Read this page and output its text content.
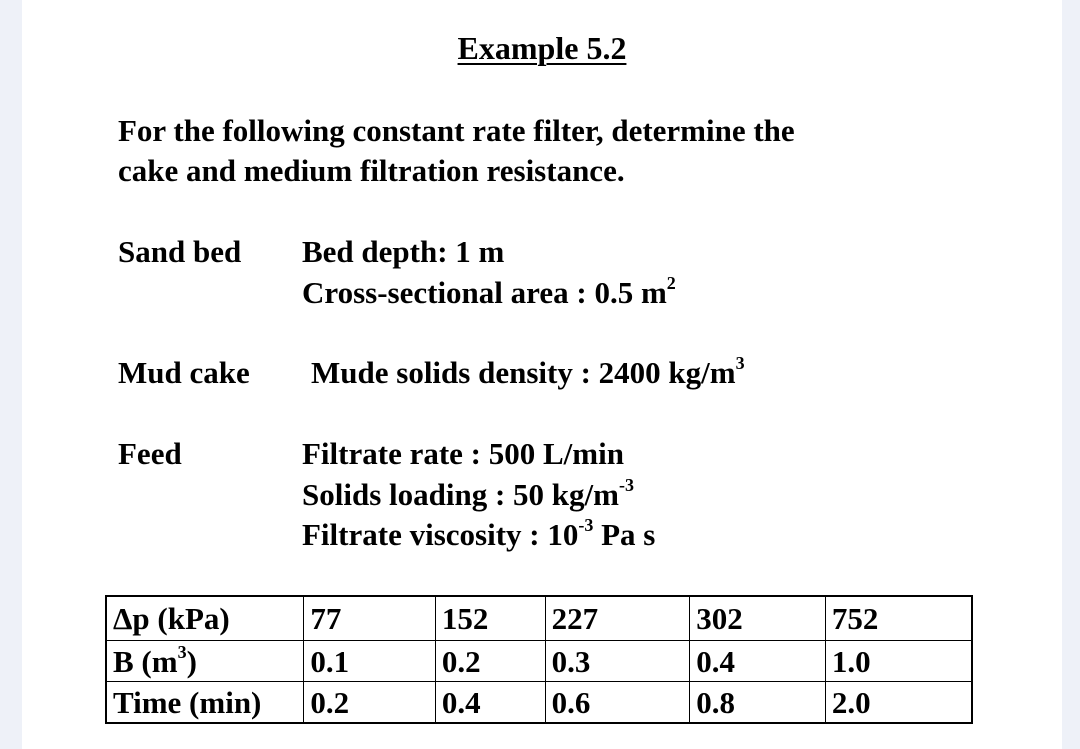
Example 5.2
For the following constant rate filter, determine the
cake and medium filtration resistance.
Sand bed Bed depth: 1 m
Cross-sectional area : 0.5 $m^2$
Mud cake Mude solids density : 2400 $kg/m^3$
Feed	Filtrate rate : 500 L/min
Solids loading : 50 $kg/m^{-3}$
Filtrate viscosity : $10^{-3}$ Pa s
Δp (kPa)	77	152	227	302	752
B $(m^3)$	0.1	0.2	0.3	0.4	1.0
Time (min)	0.2	0.4	0.6	0.8	2.0
